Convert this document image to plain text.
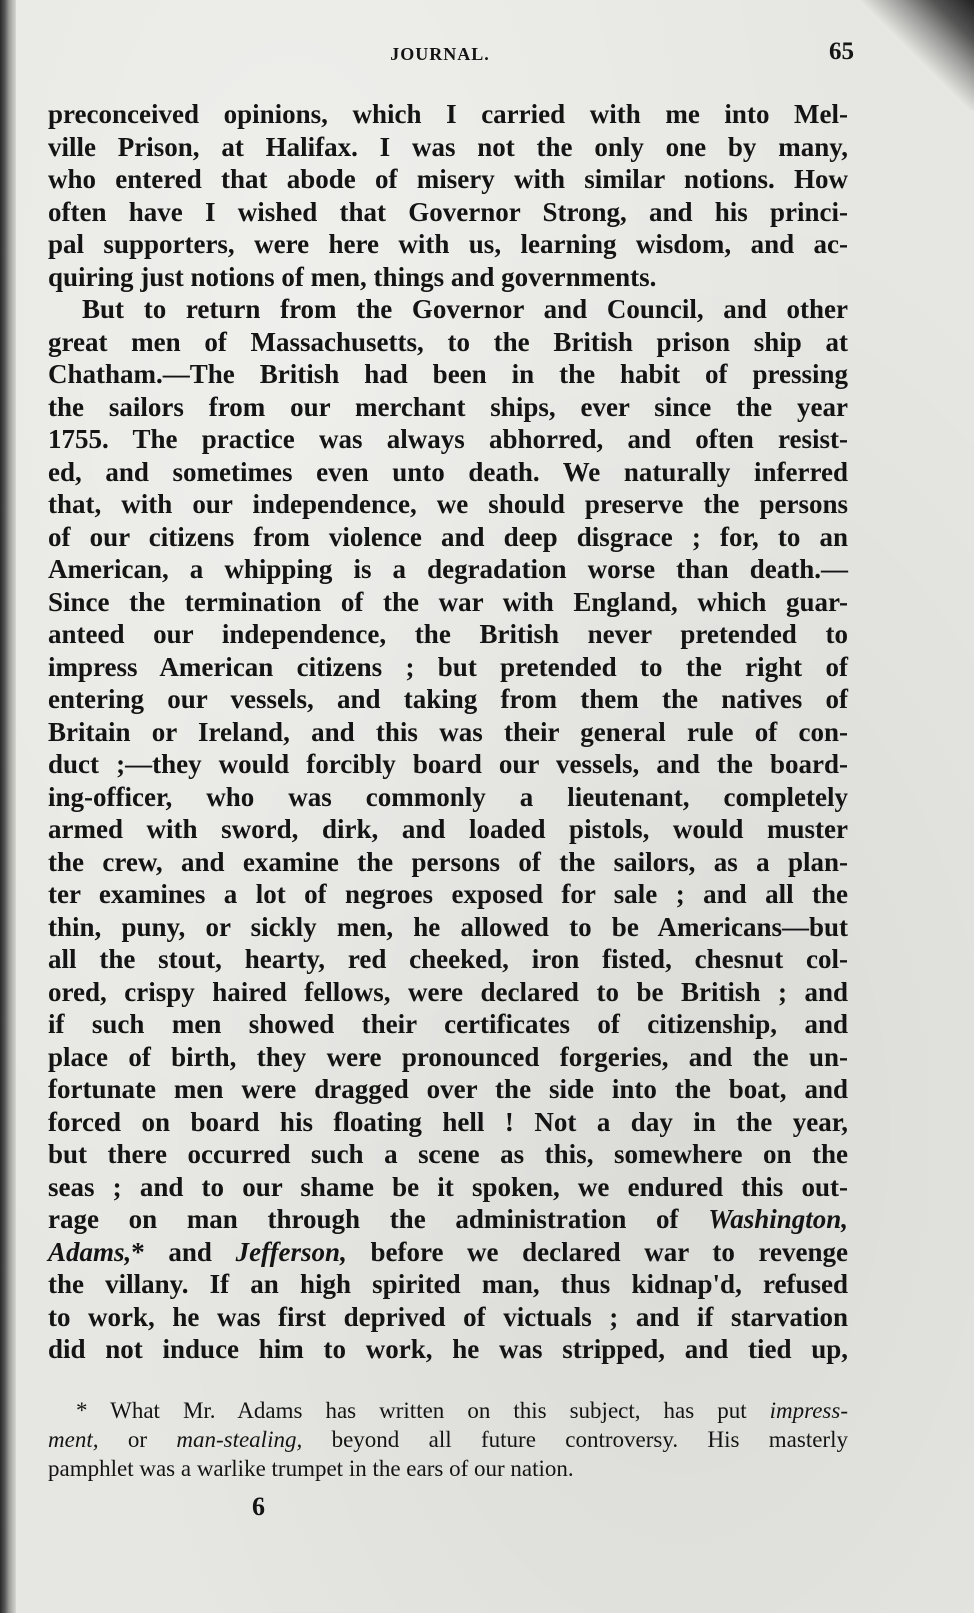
JOURNAL.	65
preconceived opinions, which I carried with me into Mel-
ville Prison, at Halifax. I was not the only one by many,
who entered that abode of misery with similar notions. How
often have I wished that Governor Strong, and his princi-
pal supporters, were here with us, learning wisdom, and ac-
quiring just notions of men, things and governments.
But to return from the Governor and Council, and other
great men of Massachusetts, to the British prison ship at
Chatham.—The British had been in the habit of pressing
the sailors from our merchant ships, ever since the year
1755. The practice was always abhorred, and often resist-
ed, and sometimes even unto death. We naturally inferred
that, with our independence, we should preserve the persons
of our citizens from violence and deep disgrace ; for, to an
American, a whipping is a degradation worse than death.—
Since the termination of the war with England, which guar-
anteed our independence, the British never pretended to
impress American citizens ; but pretended to the right of
entering our vessels, and taking from them the natives of
Britain or Ireland, and this was their general rule of con-
duct ;—they would forcibly board our vessels, and the board-
ing-officer, who was commonly a lieutenant, completely
armed with sword, dirk, and loaded pistols, would muster
the crew, and examine the persons of the sailors, as a plan-
ter examines a lot of negroes exposed for sale ; and all the
thin, puny, or sickly men, he allowed to be Americans—but
all the stout, hearty, red cheeked, iron fisted, chesnut col-
ored, crispy haired fellows, were declared to be British ; and
if such men showed their certificates of citizenship, and
place of birth, they were pronounced forgeries, and the un-
fortunate men were dragged over the side into the boat, and
forced on board his floating hell ! Not a day in the year,
but there occurred such a scene as this, somewhere on the
seas ; and to our shame be it spoken, we endured this out-
rage on man through the administration of Washington,
Adams,* and Jefferson, before we declared war to revenge
the villany. If an high spirited man, thus kidnap'd, refused
to work, he was first deprived of victuals ; and if starvation
did not induce him to work, he was stripped, and tied up,
* What Mr. Adams has written on this subject, has put impress-
ment, or man-stealing, beyond all future controversy. His masterly
pamphlet was a warlike trumpet in the ears of our nation.
6
